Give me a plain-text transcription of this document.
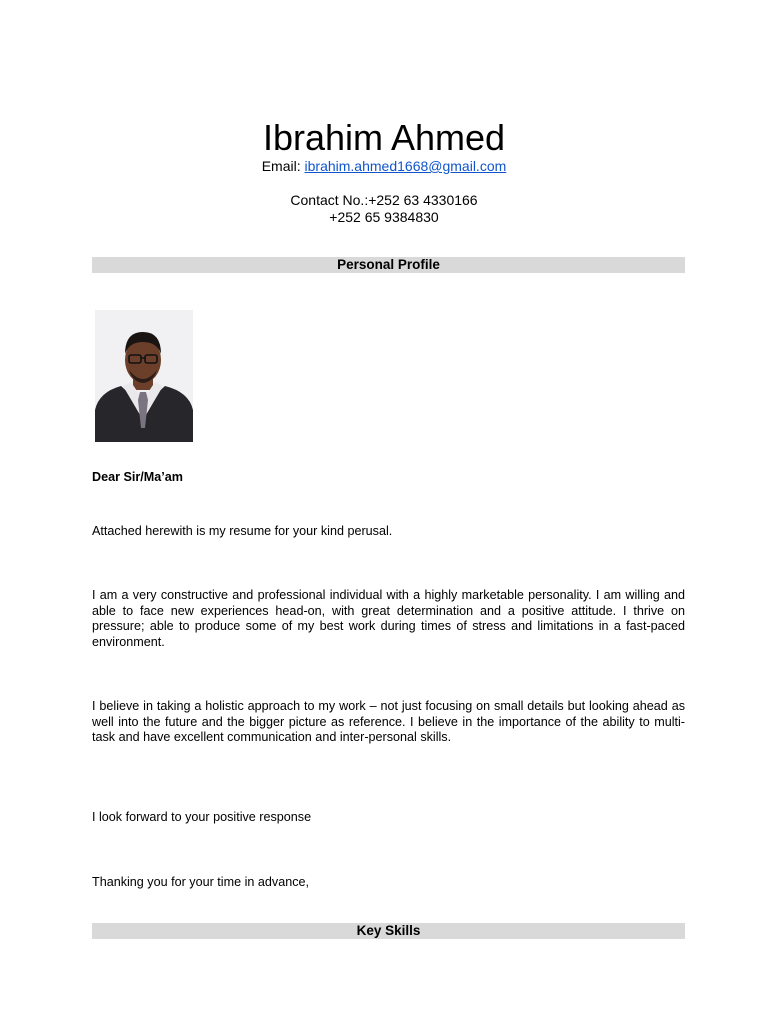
Ibrahim Ahmed
Email: ibrahim.ahmed1668@gmail.com
Contact No.:+252 63 4330166
+252 65 9384830
Personal Profile
Dear Sir/Ma’am
Attached herewith is my resume for your kind perusal.
I am a very constructive and professional individual with a highly marketable personality. I am willing and able to face new experiences head-on, with great determination and a positive attitude. I thrive on pressure; able to produce some of my best work during times of stress and limitations in a fast-paced environment.
I believe in taking a holistic approach to my work – not just focusing on small details but looking ahead as well into the future and the bigger picture as reference. I believe in the importance of the ability to multi-task and have excellent communication and inter-personal skills.
I look forward to your positive response
Thanking you for your time in advance,
Key Skills
